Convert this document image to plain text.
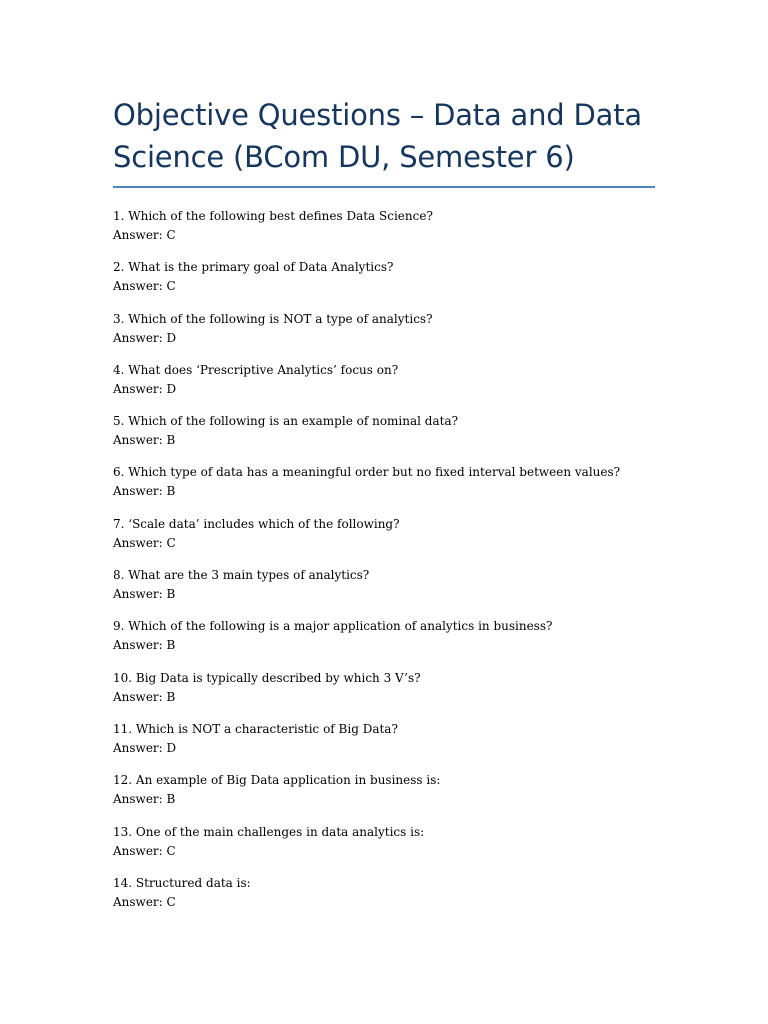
Objective Questions – Data and Data Science (BCom DU, Semester 6)
1. Which of the following best defines Data Science?
Answer: C
2. What is the primary goal of Data Analytics?
Answer: C
3. Which of the following is NOT a type of analytics?
Answer: D
4. What does ‘Prescriptive Analytics’ focus on?
Answer: D
5. Which of the following is an example of nominal data?
Answer: B
6. Which type of data has a meaningful order but no fixed interval between values?
Answer: B
7. ‘Scale data’ includes which of the following?
Answer: C
8. What are the 3 main types of analytics?
Answer: B
9. Which of the following is a major application of analytics in business?
Answer: B
10. Big Data is typically described by which 3 V’s?
Answer: B
11. Which is NOT a characteristic of Big Data?
Answer: D
12. An example of Big Data application in business is:
Answer: B
13. One of the main challenges in data analytics is:
Answer: C
14. Structured data is:
Answer: C
